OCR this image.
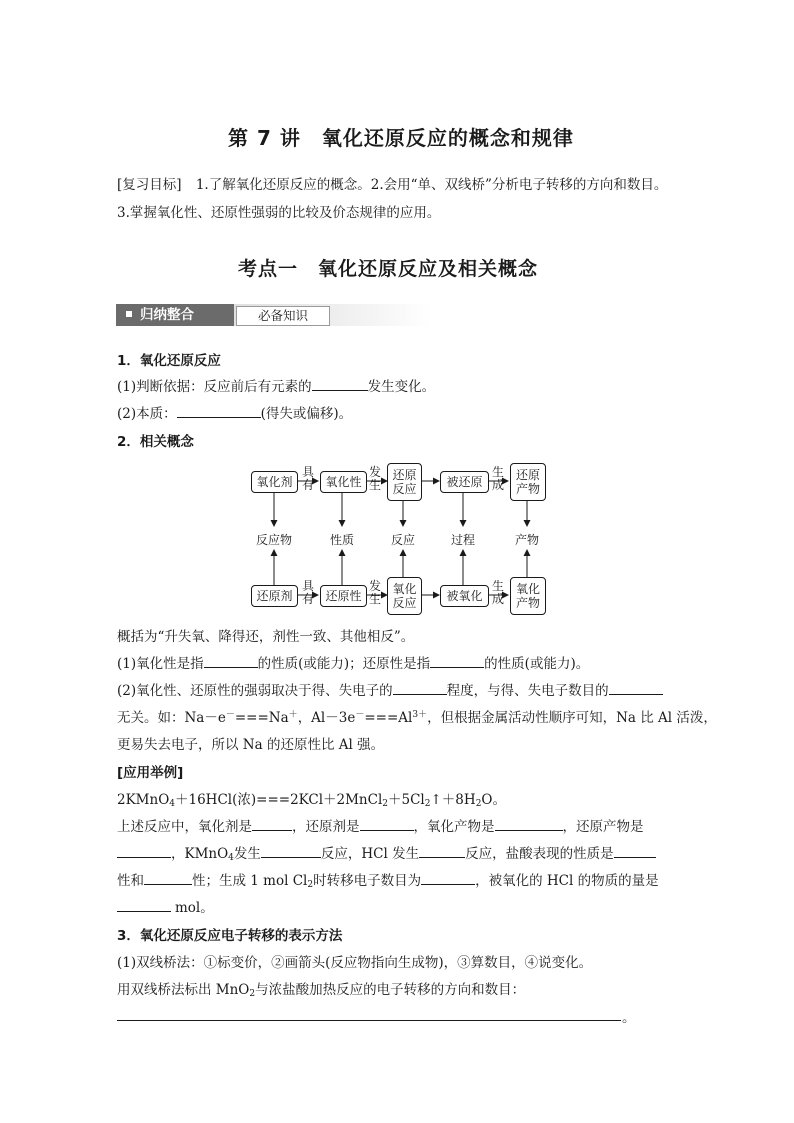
第 7 讲　氧化还原反应的概念和规律
[复习目标] 1.了解氧化还原反应的概念。2.会用“单、双线桥”分析电子转移的方向和数目。
3.掌握氧化性、还原性强弱的比较及价态规律的应用。
考点一　氧化还原反应及相关概念
归纳整合	必备知识
1．氧化还原反应
(1)判断依据：反应前后有元素的	发生变化。
(2)本质：	(得失或偏移)。
2．相关概念
氧化剂	氧化性	还原
反应	被还原	还原
产物
具
有
发
生
生
成
反应物	性质	反应	过程	产物
还原剂	还原性	氧化
反应	被氧化	氧化
产物
具
有
发
生
生
成
概括为“升失氧、降得还，剂性一致、其他相反”。
(1)氧化性是指	的性质(或能力)；还原性是指	的性质(或能力)。
(2)氧化性、还原性的强弱取决于得、失电子的	程度，与得、失电子数目的
无关。如：Na－e－===Na＋，$Al-3e^-===Al^{3+}$，但根据金属活动性顺序可知，Na 比 Al 活泼，
更易失去电子，所以 Na 的还原性比 Al 强。
[应用举例]
2KMnO$_4$＋16HCl(浓)$===2KCl+2MnCl_2+5Cl_2↑+8H_2O$。
上述反应中，氧化剂是	，还原剂是	，氧化产物是	，还原产物是
，KMnO$_4$发生	反应，HCl 发生	反应，盐酸表现的性质是
性和	性；生成 1 mol $Cl_2$时转移电子数目为	，被氧化的 HCl 的物质的量是
mol。
3．氧化还原反应电子转移的表示方法
(1)双线桥法：①标变价，②画箭头(反应物指向生成物)，③算数目，④说变化。
用双线桥法标出 MnO$_2$与浓盐酸加热反应的电子转移的方向和数目：
。
